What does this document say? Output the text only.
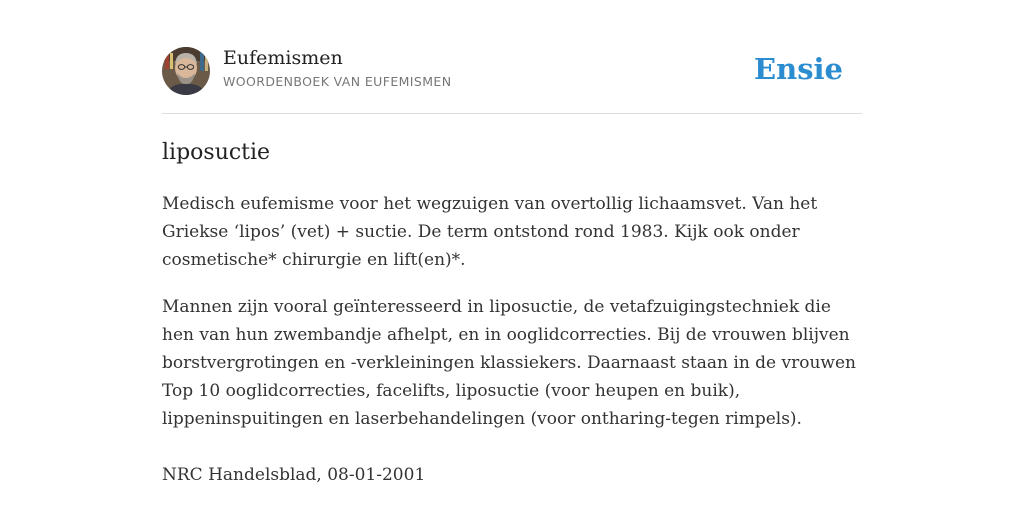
Eufemismen
WOORDENBOEK VAN EUFEMISMEN	Ensie
liposuctie

Medisch eufemisme voor het wegzuigen van overtollig lichaamsvet. Van het
Griekse ‘lipos’ (vet) + suctie. De term ontstond rond 1983. Kijk ook onder
cosmetische* chirurgie en lift(en)*.

Mannen zijn vooral geïnteresseerd in liposuctie, de vetafzuigingstechniek die
hen van hun zwembandje afhelpt, en in ooglidcorrecties. Bij de vrouwen blijven
borstvergrotingen en -verkleiningen klassiekers. Daarnaast staan in de vrouwen
Top 10 ooglidcorrecties, facelifts, liposuctie (voor heupen en buik),
lippeninspuitingen en laserbehandelingen (voor ontharing-tegen rimpels).

NRC Handelsblad, 08-01-2001
